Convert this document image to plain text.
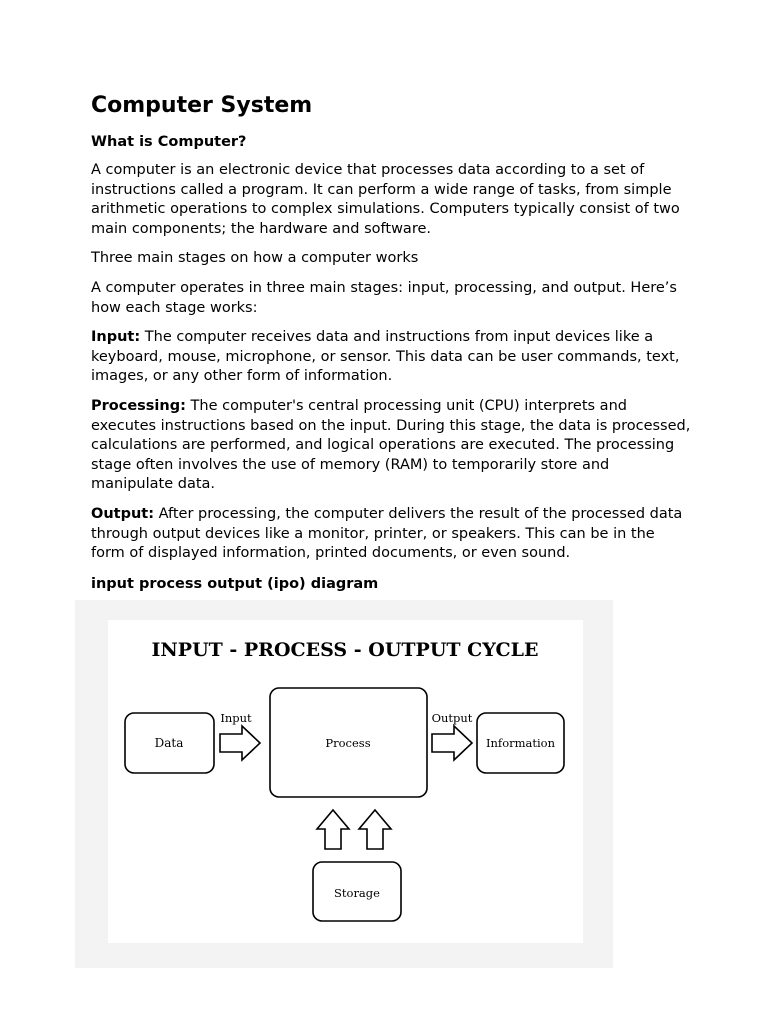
Computer System
What is Computer?

A computer is an electronic device that processes data according to a set of instructions called a program. It can perform a wide range of tasks, from simple arithmetic operations to complex simulations. Computers typically consist of two main components; the hardware and software.

Three main stages on how a computer works

A computer operates in three main stages: input, processing, and output. Here’s how each stage works:

Input: The computer receives data and instructions from input devices like a keyboard, mouse, microphone, or sensor. This data can be user commands, text, images, or any other form of information.

Processing: The computer's central processing unit (CPU) interprets and executes instructions based on the input. During this stage, the data is processed, calculations are performed, and logical operations are executed. The processing stage often involves the use of memory (RAM) to temporarily store and manipulate data.

Output: After processing, the computer delivers the result of the processed data through output devices like a monitor, printer, or speakers. This can be in the form of displayed information, printed documents, or even sound.

input process output (ipo) diagram
INPUT - PROCESS - OUTPUT CYCLE
Data
Input
Process
Output
Information
Storage
